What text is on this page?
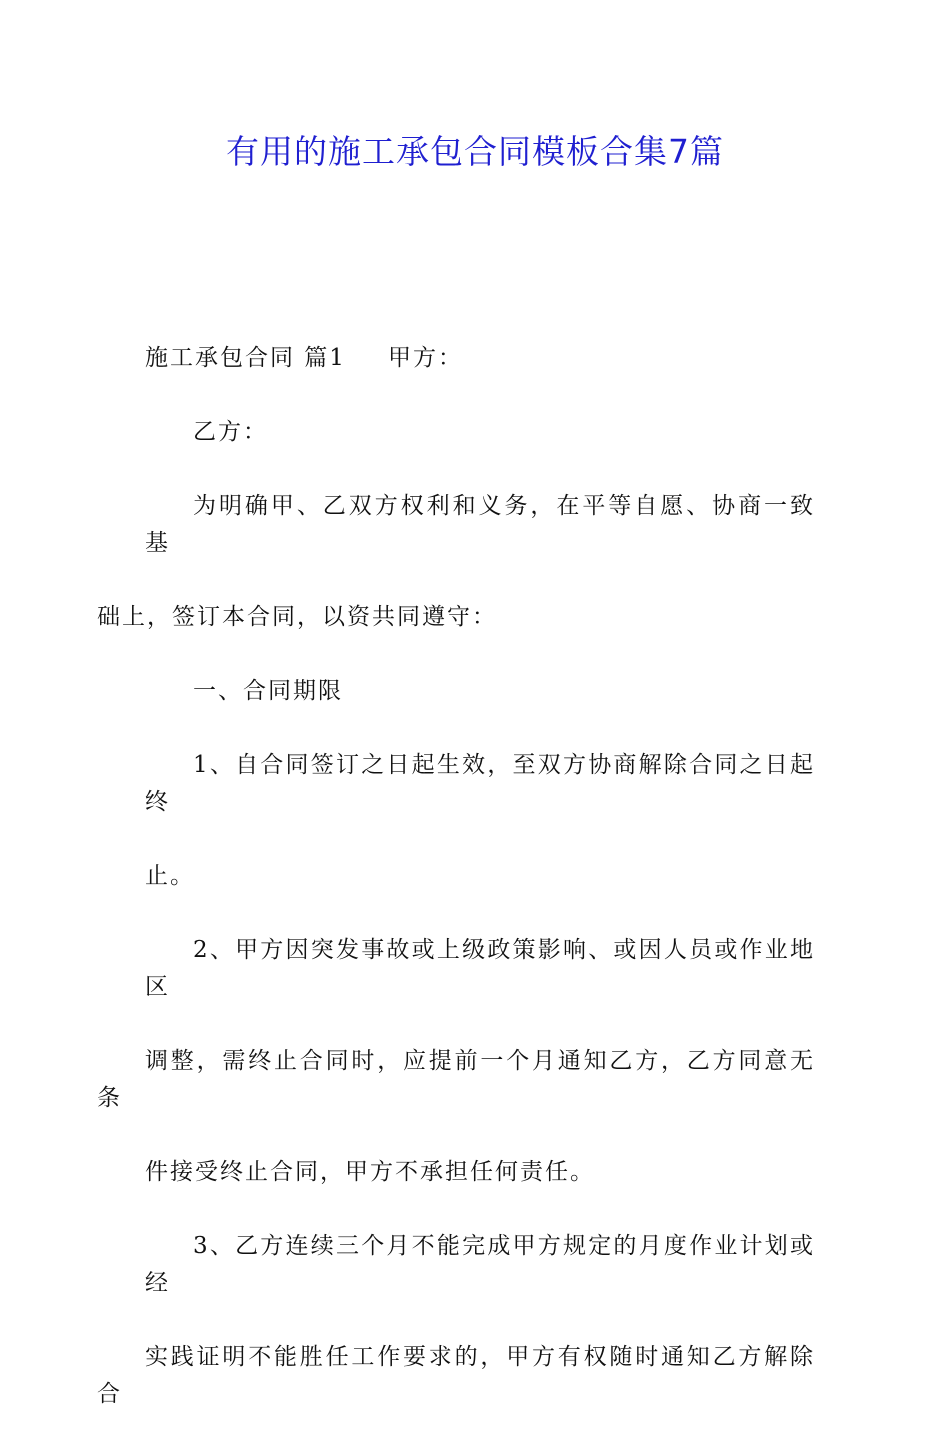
有用的施工承包合同模板合集7篇

施工承包合同 篇1 甲方：

乙方：

为明确甲、乙双方权利和义务，在平等自愿、协商一致基
础上，签订本合同，以资共同遵守：

一、合同期限

1、自合同签订之日起生效，至双方协商解除合同之日起终
止。

2、甲方因突发事故或上级政策影响、或因人员或作业地区
调整，需终止合同时，应提前一个月通知乙方，乙方同意无条
件接受终止合同，甲方不承担任何责任。

3、乙方连续三个月不能完成甲方规定的月度作业计划或经
实践证明不能胜任工作要求的，甲方有权随时通知乙方解除合
